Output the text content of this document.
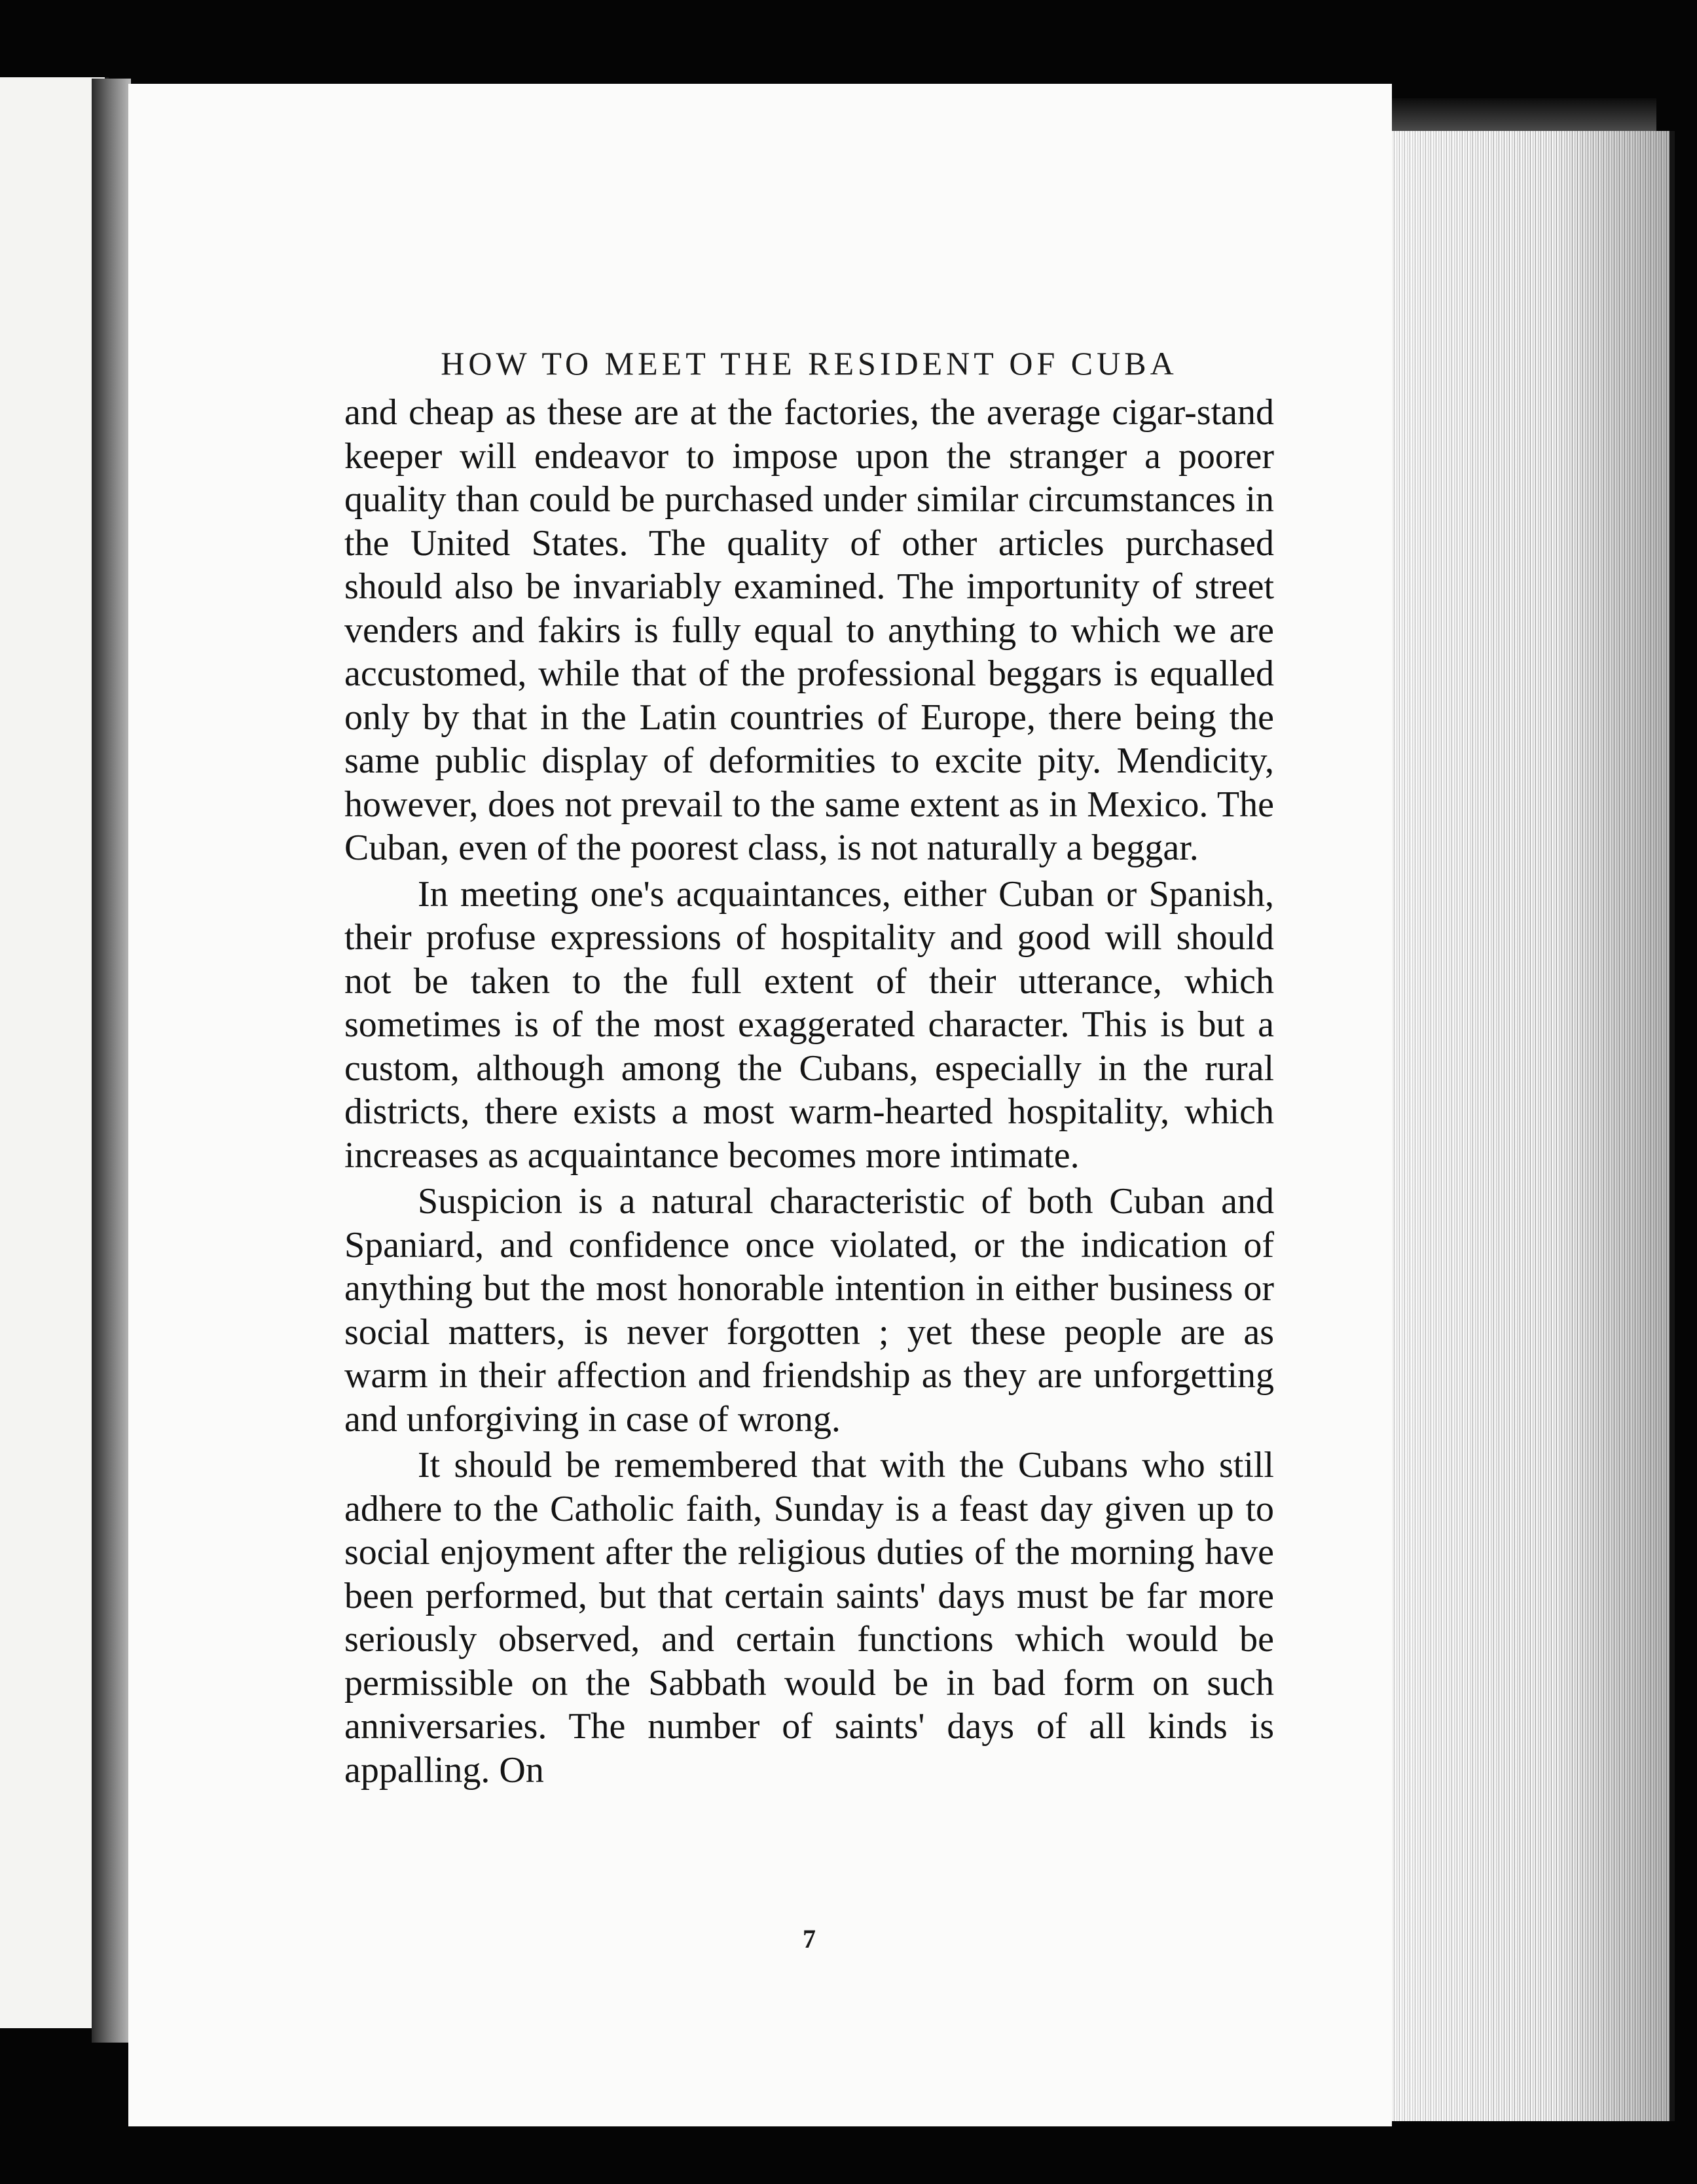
HOW TO MEET THE RESIDENT OF CUBA

and cheap as these are at the factories, the average cigar-stand keeper will endeavor to impose upon the stranger a poorer quality than could be purchased under similar circumstances in the United States. The quality of other articles purchased should also be invariably examined. The importunity of street venders and fakirs is fully equal to anything to which we are accustomed, while that of the professional beggars is equalled only by that in the Latin countries of Europe, there being the same public display of deformities to excite pity. Mendicity, however, does not prevail to the same extent as in Mexico. The Cuban, even of the poorest class, is not naturally a beggar.

In meeting one's acquaintances, either Cuban or Spanish, their profuse expressions of hospitality and good will should not be taken to the full extent of their utterance, which sometimes is of the most exaggerated character. This is but a custom, although among the Cubans, especially in the rural districts, there exists a most warm-hearted hospitality, which increases as acquaintance becomes more intimate.

Suspicion is a natural characteristic of both Cuban and Spaniard, and confidence once violated, or the indication of anything but the most honorable intention in either business or social matters, is never forgotten ; yet these people are as warm in their affection and friendship as they are unforgetting and unforgiving in case of wrong.

It should be remembered that with the Cubans who still adhere to the Catholic faith, Sunday is a feast day given up to social enjoyment after the religious duties of the morning have been performed, but that certain saints' days must be far more seriously observed, and certain functions which would be permissible on the Sabbath would be in bad form on such anniversaries. The number of saints' days of all kinds is appalling. On

7
